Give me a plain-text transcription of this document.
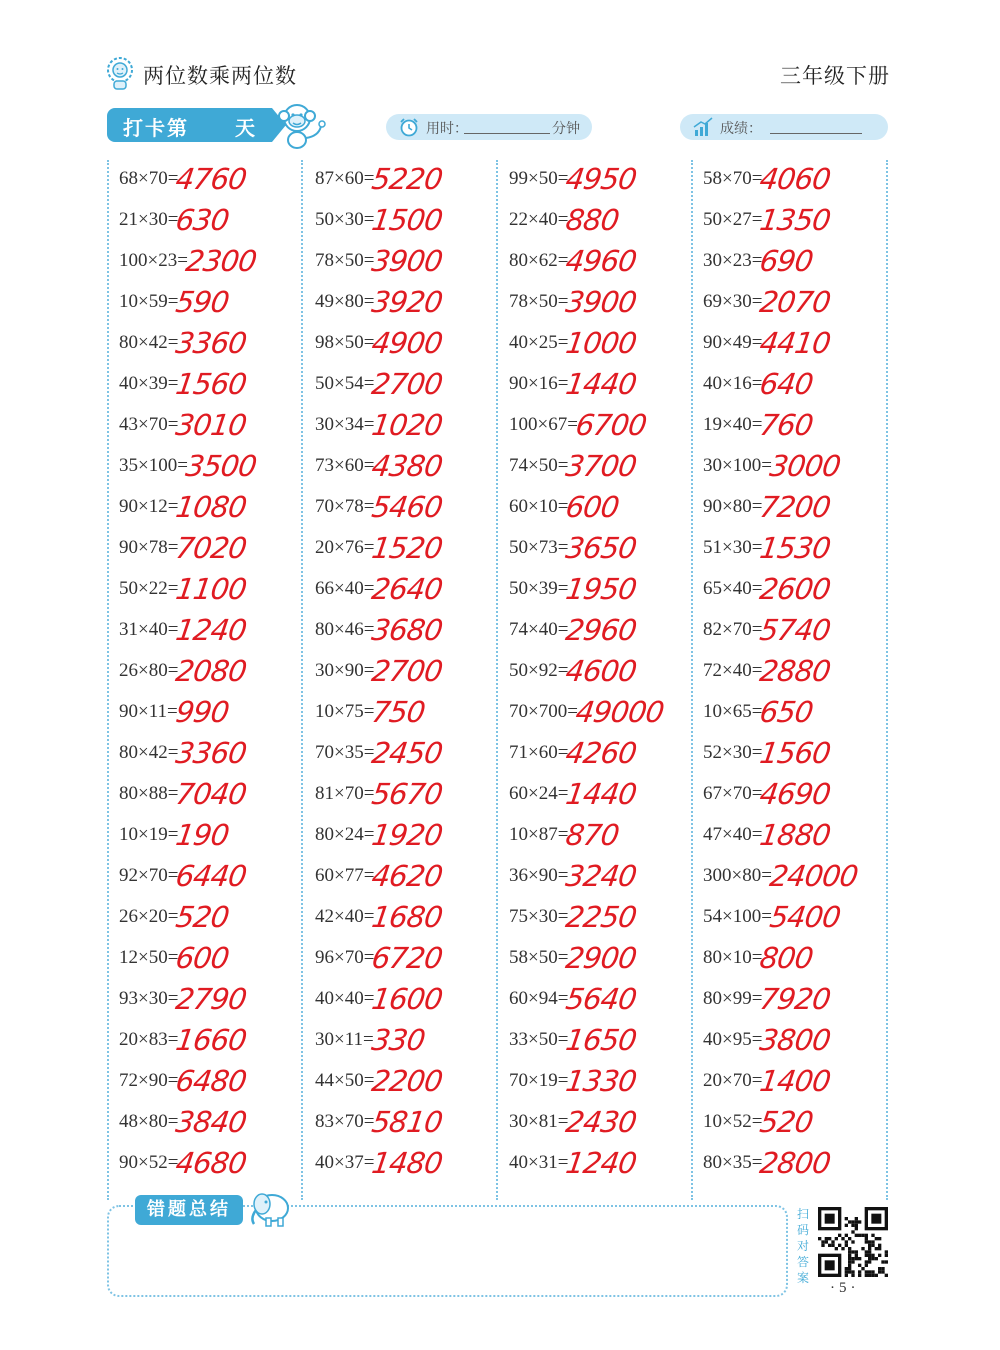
两位数乘两位数	三年级下册
打卡第 天	用时：	分钟	成绩：
68×70=
4760
21×30=
630
100×23=
2300
10×59=
590
80×42=
3360
40×39=
1560
43×70=
3010
35×100=
3500
90×12=
1080
90×78=
7020
50×22=
1100
31×40=
1240
26×80=
2080
90×11=
990
80×42=
3360
80×88=
7040
10×19=
190
92×70=
6440
26×20=
520
12×50=
600
93×30=
2790
20×83=
1660
72×90=
6480
48×80=
3840
90×52=
4680
87×60=
5220
50×30=
1500
78×50=
3900
49×80=
3920
98×50=
4900
50×54=
2700
30×34=
1020
73×60=
4380
70×78=
5460
20×76=
1520
66×40=
2640
80×46=
3680
30×90=
2700
10×75=
750
70×35=
2450
81×70=
5670
80×24=
1920
60×77=
4620
42×40=
1680
96×70=
6720
40×40=
1600
30×11=
330
44×50=
2200
83×70=
5810
40×37=
1480
99×50=
4950
22×40=
880
80×62=
4960
78×50=
3900
40×25=
1000
90×16=
1440
100×67=
6700
74×50=
3700
60×10=
600
50×73=
3650
50×39=
1950
74×40=
2960
50×92=
4600
70×700=
49000
71×60=
4260
60×24=
1440
10×87=
870
36×90=
3240
75×30=
2250
58×50=
2900
60×94=
5640
33×50=
1650
70×19=
1330
30×81=
2430
40×31=
1240
58×70=
4060
50×27=
1350
30×23=
690
69×30=
2070
90×49=
4410
40×16=
640
19×40=
760
30×100=
3000
90×80=
7200
51×30=
1530
65×40=
2600
82×70=
5740
72×40=
2880
10×65=
650
52×30=
1560
67×70=
4690
47×40=
1880
300×80=
24000
54×100=
5400
80×10=
800
80×99=
7920
40×95=
3800
20×70=
1400
10×52=
520
80×35=
2800
错题总结	扫码对答案
·5·
